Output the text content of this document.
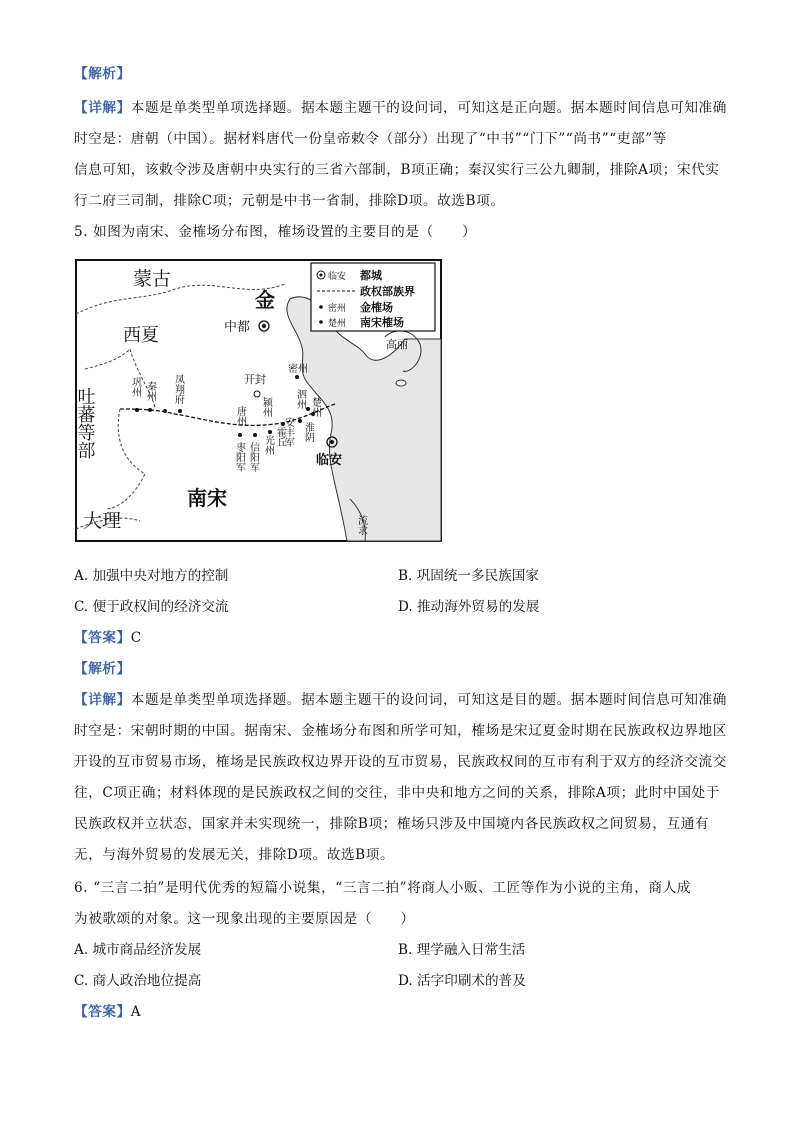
【解析】
【详解】本题是单类型单项选择题。据本题主题干的设问词，可知这是正向题。据本题时间信息可知准确
时空是：唐朝（中国）。据材料唐代一份皇帝敕令（部分）出现了“中书”“门下”“尚书”“吏部”等
信息可知，该敕令涉及唐朝中央实行的三省六部制，B项正确；秦汉实行三公九卿制，排除A项；宋代实
行二府三司制，排除C项；元朝是中书一省制，排除D项。故选B项。
5. 如图为南宋、金榷场分布图，榷场设置的主要目的是（　　）
蒙古
金
西夏
吐蕃等部
南宋
大理
高丽
流求
中都
开封
临安
巩州 秦州 凤翔府
密州
泗州 楚州
淮阴
唐州 颍州
安丰军
霍丘
光州
信阳军
枣阳军
临安 都城
政权部族界
密州 金榷场
楚州 南宋榷场
A. 加强中央对地方的控制	B. 巩固统一多民族国家
C. 便于政权间的经济交流	D. 推动海外贸易的发展
【答案】C
【解析】
【详解】本题是单类型单项选择题。据本题主题干的设问词，可知这是目的题。据本题时间信息可知准确
时空是：宋朝时期的中国。据南宋、金榷场分布图和所学可知，榷场是宋辽夏金时期在民族政权边界地区
开设的互市贸易市场，榷场是民族政权边界开设的互市贸易，民族政权间的互市有利于双方的经济交流交
往，C项正确；材料体现的是民族政权之间的交往，非中央和地方之间的关系，排除A项；此时中国处于
民族政权并立状态，国家并未实现统一，排除B项；榷场只涉及中国境内各民族政权之间贸易，互通有
无，与海外贸易的发展无关，排除D项。故选B项。
6. “三言二拍”是明代优秀的短篇小说集，“三言二拍”将商人小贩、工匠等作为小说的主角，商人成
为被歌颂的对象。这一现象出现的主要原因是（　　）
A. 城市商品经济发展	B. 理学融入日常生活
C. 商人政治地位提高	D. 活字印刷术的普及
【答案】A
